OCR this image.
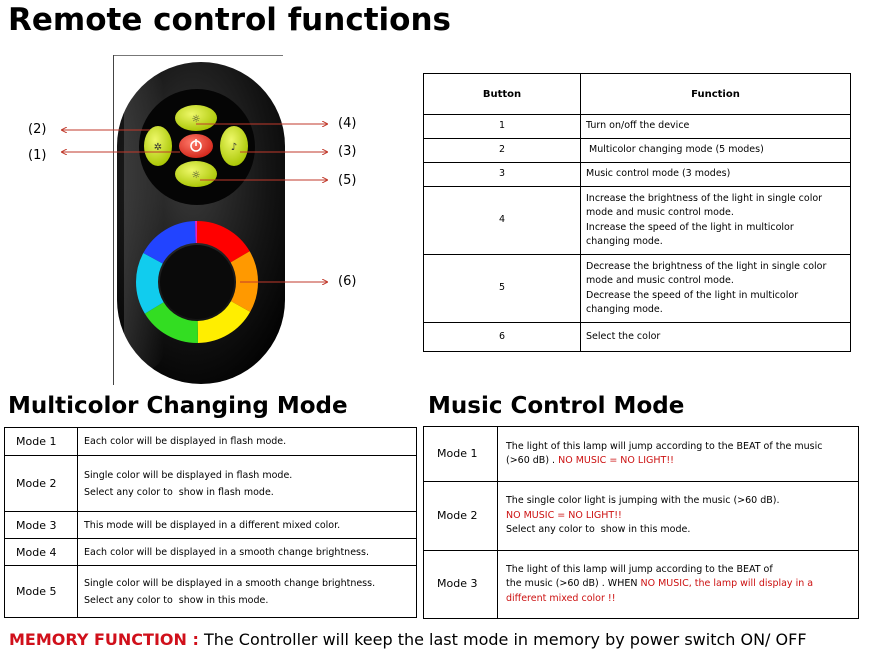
Remote control functions
☼
✲	♪
☼
(2)
(1)
(4)
(3)
(5)
(6)
Button	Function
1	Turn on/off the device
2	Multicolor changing mode (5 modes)
3	Music control mode (3 modes)
4	Increase the brightness of the light in single color
mode and music control mode.
Increase the speed of the light in multicolor
changing mode.

5	Decrease the brightness of the light in single color
mode and music control mode.
Decrease the speed of the light in multicolor
changing mode.

6	Select the color
Multicolor Changing Mode	Music Control Mode
Mode 1	Each color will be displayed in flash mode.

Mode 2	Single color will be displayed in flash mode.
Select any color to  show in flash mode.

Mode 3	This mode will be displayed in a different mixed color.

Mode 4	Each color will be displayed in a smooth change brightness.

Mode 5	Single color will be displayed in a smooth change brightness.
Select any color to  show in this mode.
Mode 1	The light of this lamp will jump according to the BEAT of the music
(>60 dB) . NO MUSIC = NO LIGHT!!

Mode 2	The single color light is jumping with the music (>60 dB).
NO MUSIC = NO LIGHT!!
Select any color to  show in this mode.

Mode 3	The light of this lamp will jump according to the BEAT of
the music (>60 dB) . WHEN NO MUSIC, the lamp will display in a
different mixed color !!
MEMORY FUNCTION : The Controller will keep the last mode in memory by power switch ON/ OFF
